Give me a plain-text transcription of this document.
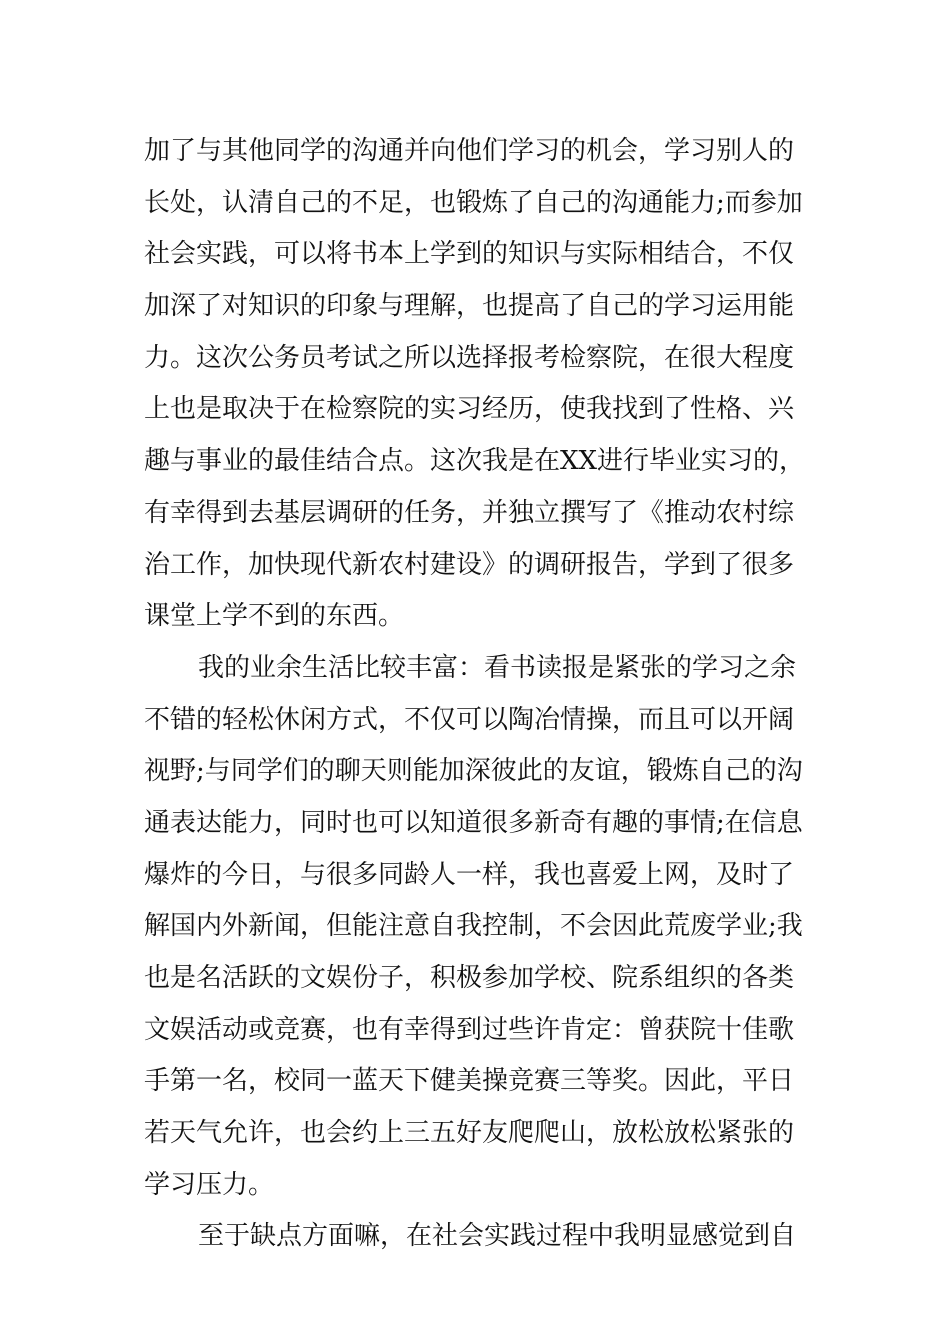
加了与其他同学的沟通并向他们学习的机会，学习别人的
长处，认清自己的不足，也锻炼了自己的沟通能力;而参加
社会实践，可以将书本上学到的知识与实际相结合，不仅
加深了对知识的印象与理解，也提高了自己的学习运用能
力。这次公务员考试之所以选择报考检察院，在很大程度
上也是取决于在检察院的实习经历，使我找到了性格、兴
趣与事业的最佳结合点。这次我是在XX进行毕业实习的，
有幸得到去基层调研的任务，并独立撰写了《推动农村综
治工作，加快现代新农村建设》的调研报告，学到了很多
课堂上学不到的东西。
我的业余生活比较丰富：看书读报是紧张的学习之余
不错的轻松休闲方式，不仅可以陶冶情操，而且可以开阔
视野;与同学们的聊天则能加深彼此的友谊，锻炼自己的沟
通表达能力，同时也可以知道很多新奇有趣的事情;在信息
爆炸的今日，与很多同龄人一样，我也喜爱上网，及时了
解国内外新闻，但能注意自我控制，不会因此荒废学业;我
也是名活跃的文娱份子，积极参加学校、院系组织的各类
文娱活动或竞赛，也有幸得到过些许肯定：曾获院十佳歌
手第一名，校同一蓝天下健美操竞赛三等奖。因此，平日
若天气允许，也会约上三五好友爬爬山，放松放松紧张的
学习压力。
至于缺点方面嘛，在社会实践过程中我明显感觉到自
